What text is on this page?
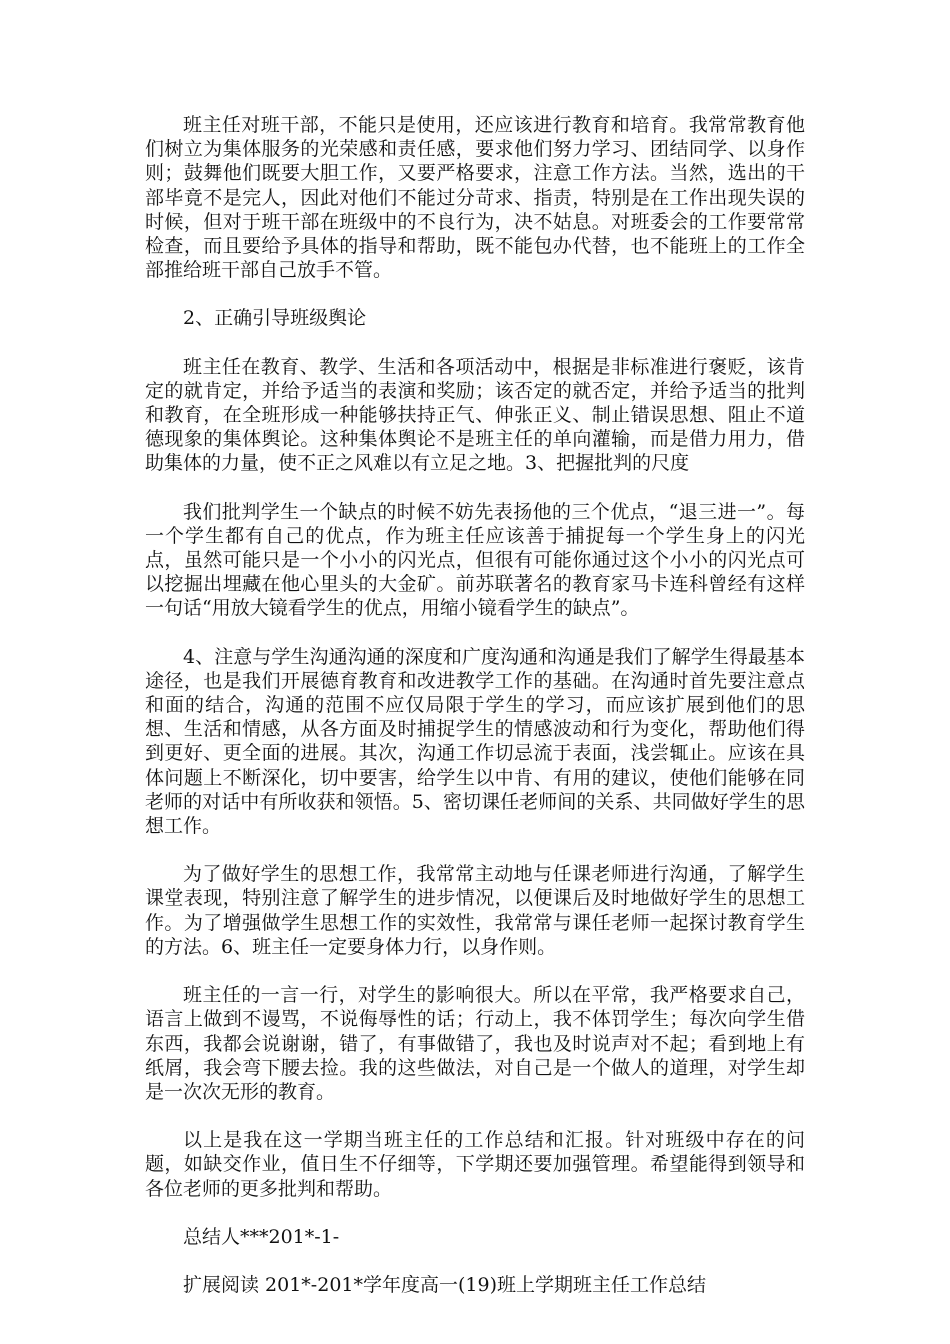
班主任对班干部，不能只是使用，还应该进行教育和培育。我常常教育他们树立为集体服务的光荣感和责任感，要求他们努力学习、团结同学、以身作则；鼓舞他们既要大胆工作，又要严格要求，注意工作方法。当然，选出的干部毕竟不是完人，因此对他们不能过分苛求、指责，特别是在工作出现失误的时候，但对于班干部在班级中的不良行为，决不姑息。对班委会的工作要常常检查，而且要给予具体的指导和帮助，既不能包办代替，也不能班上的工作全部推给班干部自己放手不管。

2、正确引导班级舆论

班主任在教育、教学、生活和各项活动中，根据是非标准进行褒贬，该肯定的就肯定，并给予适当的表演和奖励；该否定的就否定，并给予适当的批判和教育，在全班形成一种能够扶持正气、伸张正义、制止错误思想、阻止不道德现象的集体舆论。这种集体舆论不是班主任的单向灌输，而是借力用力，借助集体的力量，使不正之风难以有立足之地。3、把握批判的尺度

我们批判学生一个缺点的时候不妨先表扬他的三个优点，“退三进一”。每一个学生都有自己的优点，作为班主任应该善于捕捉每一个学生身上的闪光点，虽然可能只是一个小小的闪光点，但很有可能你通过这个小小的闪光点可以挖掘出埋藏在他心里头的大金矿。前苏联著名的教育家马卡连科曾经有这样一句话“用放大镜看学生的优点，用缩小镜看学生的缺点”。

4、注意与学生沟通沟通的深度和广度沟通和沟通是我们了解学生得最基本途径，也是我们开展德育教育和改进教学工作的基础。在沟通时首先要注意点和面的结合，沟通的范围不应仅局限于学生的学习，而应该扩展到他们的思想、生活和情感，从各方面及时捕捉学生的情感波动和行为变化，帮助他们得到更好、更全面的进展。其次，沟通工作切忌流于表面，浅尝辄止。应该在具体问题上不断深化，切中要害，给学生以中肯、有用的建议，使他们能够在同老师的对话中有所收获和领悟。5、密切课任老师间的关系、共同做好学生的思想工作。

为了做好学生的思想工作，我常常主动地与任课老师进行沟通，了解学生课堂表现，特别注意了解学生的进步情况，以便课后及时地做好学生的思想工作。为了增强做学生思想工作的实效性，我常常与课任老师一起探讨教育学生的方法。6、班主任一定要身体力行，以身作则。

班主任的一言一行，对学生的影响很大。所以在平常，我严格要求自己，语言上做到不谩骂，不说侮辱性的话；行动上，我不体罚学生；每次向学生借东西，我都会说谢谢，错了，有事做错了，我也及时说声对不起；看到地上有纸屑，我会弯下腰去捡。我的这些做法，对自己是一个做人的道理，对学生却是一次次无形的教育。

以上是我在这一学期当班主任的工作总结和汇报。针对班级中存在的问题，如缺交作业，值日生不仔细等，下学期还要加强管理。希望能得到领导和各位老师的更多批判和帮助。

总结人***201*-1-

扩展阅读 201*-201*学年度高一(19)班上学期班主任工作总结
